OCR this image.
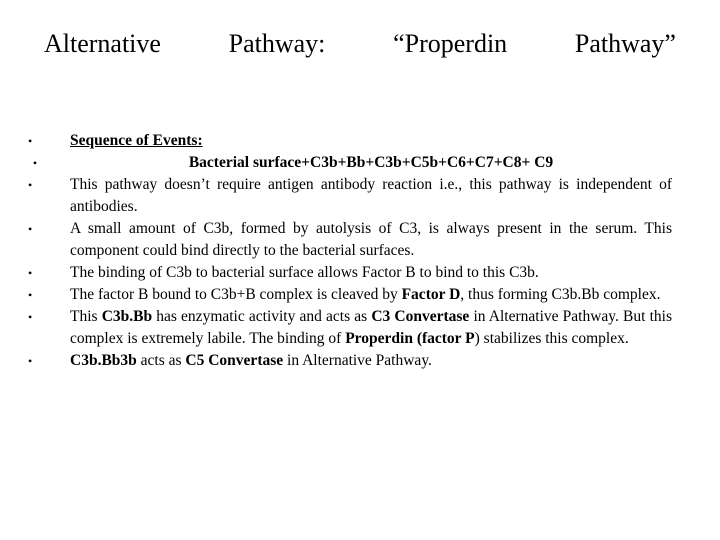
Alternative	Pathway:	“Properdin	Pathway”
•	Sequence of Events:
•	Bacterial surface+C3b+Bb+C3b+C5b+C6+C7+C8+ C9
•	This pathway doesn’t require antigen antibody reaction i.e., this pathway is independent of antibodies.
•	A small amount of C3b, formed by autolysis of C3, is always present in the serum. This component could bind directly to the bacterial surfaces.
•	The binding of C3b to bacterial surface allows Factor B to bind to this C3b.
•	The factor B bound to C3b+B complex is cleaved by Factor D, thus forming C3b.Bb complex.
•	This C3b.Bb has enzymatic activity and acts as C3 Convertase in Alternative Pathway. But this complex is extremely labile. The binding of Properdin (factor P) stabilizes this complex.
•	C3b.Bb3b acts as C5 Convertase in Alternative Pathway.
